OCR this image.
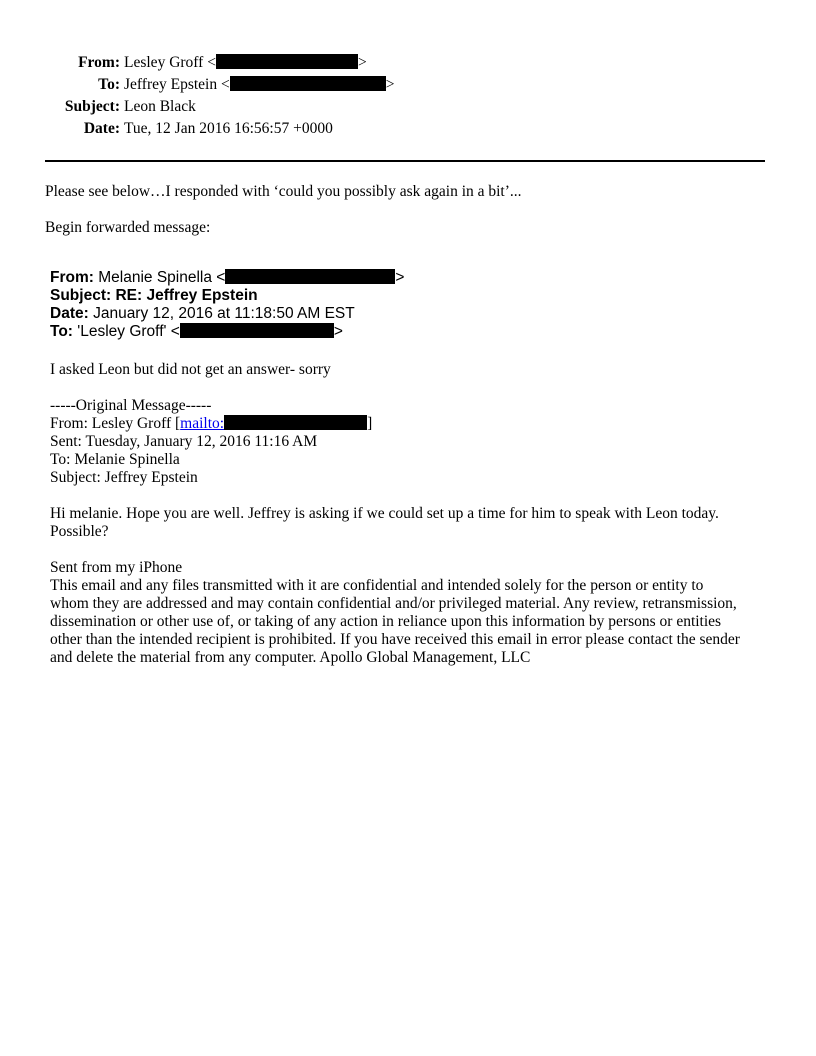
From: Lesley Groff <	>
To: Jeffrey Epstein <	>
Subject: Leon Black
Date: Tue, 12 Jan 2016 16:56:57 +0000
Please see below…I responded with ‘could you possibly ask again in a bit’...
Begin forwarded message:
From: Melanie Spinella <	>
Subject: RE: Jeffrey Epstein
Date: January 12, 2016 at 11:18:50 AM EST
To: 'Lesley Groff' <	>
I asked Leon but did not get an answer- sorry
-----Original Message-----
From: Lesley Groff [mailto:	]
Sent: Tuesday, January 12, 2016 11:16 AM
To: Melanie Spinella
Subject: Jeffrey Epstein
Hi melanie. Hope you are well. Jeffrey is asking if we could set up a time for him to speak with Leon today.
Possible?
Sent from my iPhone
This email and any files transmitted with it are confidential and intended solely for the person or entity to
whom they are addressed and may contain confidential and/or privileged material. Any review, retransmission,
dissemination or other use of, or taking of any action in reliance upon this information by persons or entities
other than the intended recipient is prohibited. If you have received this email in error please contact the sender
and delete the material from any computer. Apollo Global Management, LLC
